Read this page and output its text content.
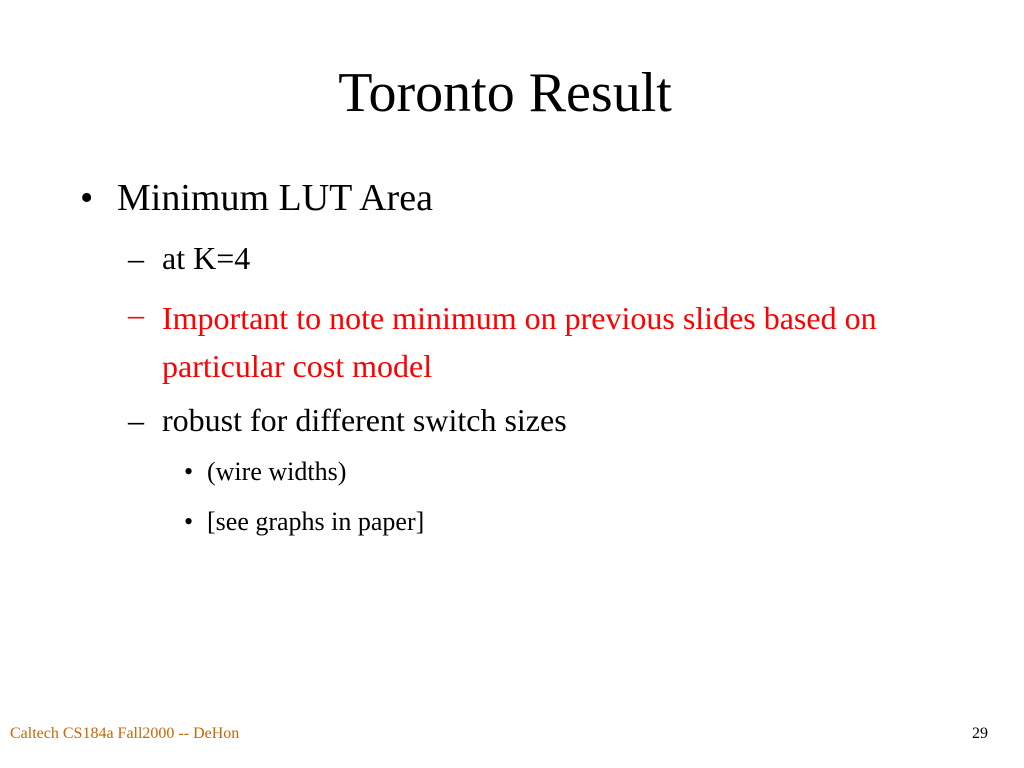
Toronto Result
• Minimum LUT Area
– at K=4
– Important to note minimum on previous slides based on particular cost model
– robust for different switch sizes
• (wire widths)
• [see graphs in paper]
Caltech CS184a Fall2000 -- DeHon	29
